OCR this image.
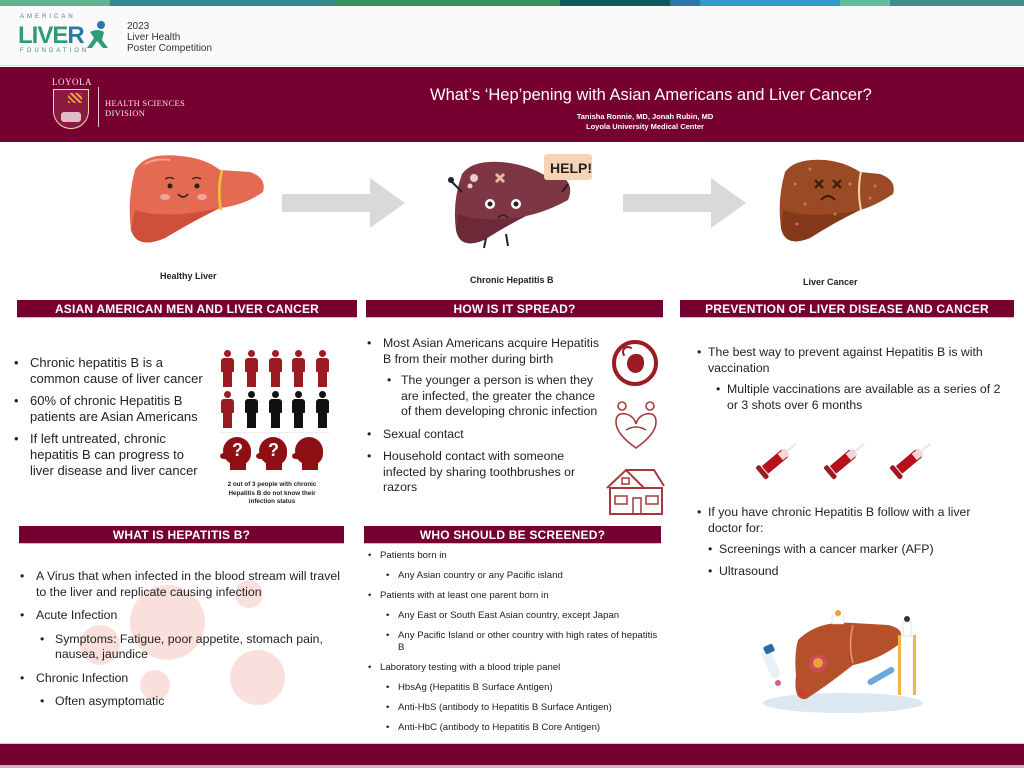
AMERICAN
LIVER
FOUNDATION
2023
Liver Health
Poster Competition
LOYOLA
HEALTH SCIENCES
DIVISION
What’s ‘Hep’pening with Asian Americans and Liver Cancer?
Tanisha Ronnie, MD, Jonah Rubin, MD
Loyola University Medical Center
Healthy Liver
HELP!
Chronic Hepatitis B	Liver Cancer
ASIAN AMERICAN MEN AND LIVER CANCER
• Chronic hepatitis B is a common cause of liver cancer
• 60% of chronic Hepatitis B patients are Asian Americans
• If left untreated, chronic hepatitis B can progress to liver disease and liver cancer
? ?
2 out of 3 people with chronic Hepatitis B do not know their infection status
HOW IS IT SPREAD?
• Most Asian Americans acquire Hepatitis B from their mother during birth
• The younger a person is when they are infected, the greater the chance of them developing chronic infection
• Sexual contact
• Household contact with someone infected by sharing toothbrushes or razors
PREVENTION OF LIVER DISEASE AND CANCER
• The best way to prevent against Hepatitis B is with vaccination
• Multiple vaccinations are available as a series of 2 or 3 shots over 6 months
• If you have chronic Hepatitis B follow with a liver doctor for:
• Screenings with a cancer marker (AFP)
• Ultrasound
WHAT IS HEPATITIS B?
• A Virus that when infected in the blood stream will travel to the liver and replicate causing infection
• Acute Infection
• Symptoms: Fatigue, poor appetite, stomach pain, nausea, jaundice
• Chronic Infection
• Often asymptomatic
WHO SHOULD BE SCREENED?
• Patients born in
• Any Asian country or any Pacific island
• Patients with at least one parent born in
• Any East or South East Asian country, except Japan
• Any Pacific Island or other country with high rates of hepatitis B
• Laboratory testing with a blood triple panel
• HbsAg (Hepatitis B Surface Antigen)
• Anti-HbS (antibody to Hepatitis B Surface Antigen)
• Anti-HbC (antibody to Hepatitis B Core Antigen)
